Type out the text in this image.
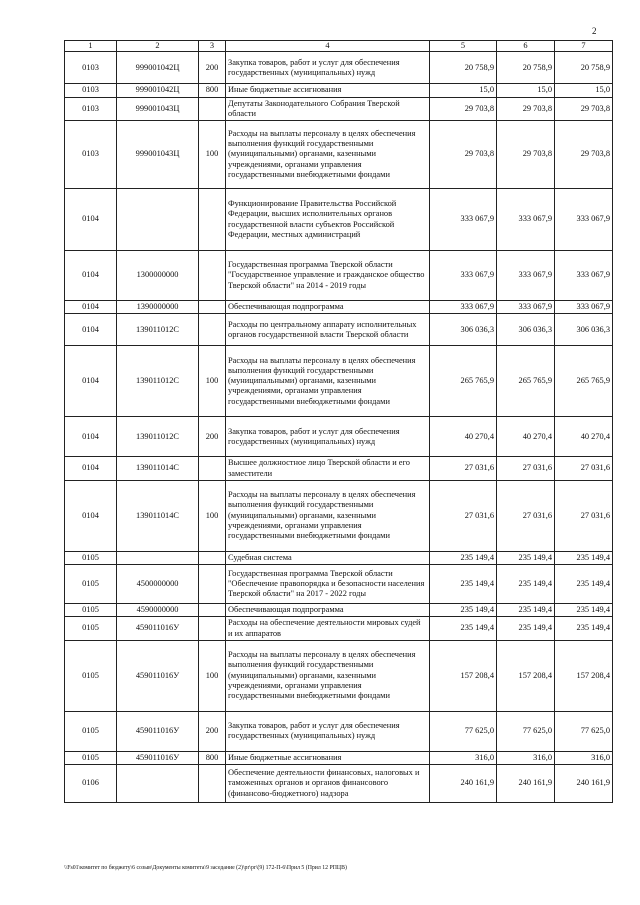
2
1	2	3	4	5	6	7
0103	999001042Ц	200	Закупка товаров, работ и услуг для обеспечения государственных (муниципальных) нужд	20 758,9	20 758,9	20 758,9
0103	999001042Ц	800	Иные бюджетные ассигнования	15,0	15,0	15,0
0103	999001043Ц		Депутаты Законодательного Собрания Тверской области	29 703,8	29 703,8	29 703,8
0103	999001043Ц	100	Расходы на выплаты персоналу в целях обеспечения выполнения функций государственными (муниципальными) органами, казенными учреждениями, органами управления государственными внебюджетными фондами	29 703,8	29 703,8	29 703,8
0104			Функционирование Правительства Российской Федерации, высших исполнительных органов государственной власти субъектов Российской Федерации, местных администраций	333 067,9	333 067,9	333 067,9
0104	1300000000		Государственная программа Тверской области "Государственное управление и гражданское общество Тверской области" на 2014 - 2019 годы	333 067,9	333 067,9	333 067,9
0104	1390000000		Обеспечивающая подпрограмма	333 067,9	333 067,9	333 067,9
0104	139011012С		Расходы по центральному аппарату исполнительных органов государственной власти Тверской области	306 036,3	306 036,3	306 036,3
0104	139011012С	100	Расходы на выплаты персоналу в целях обеспечения выполнения функций государственными (муниципальными) органами, казенными учреждениями, органами управления государственными внебюджетными фондами	265 765,9	265 765,9	265 765,9
0104	139011012С	200	Закупка товаров, работ и услуг для обеспечения государственных (муниципальных) нужд	40 270,4	40 270,4	40 270,4
0104	139011014С		Высшее должностное лицо Тверской области и его заместители	27 031,6	27 031,6	27 031,6
0104	139011014С	100	Расходы на выплаты персоналу в целях обеспечения выполнения функций государственными (муниципальными) органами, казенными учреждениями, органами управления государственными внебюджетными фондами	27 031,6	27 031,6	27 031,6
0105			Судебная система	235 149,4	235 149,4	235 149,4
0105	4500000000		Государственная программа Тверской области "Обеспечение правопорядка и безопасности населения Тверской области" на 2017 - 2022 годы	235 149,4	235 149,4	235 149,4
0105	4590000000		Обеспечивающая подпрограмма	235 149,4	235 149,4	235 149,4
0105	459011016У		Расходы на обеспечение деятельности мировых судей и их аппаратов	235 149,4	235 149,4	235 149,4
0105	459011016У	100	Расходы на выплаты персоналу в целях обеспечения выполнения функций государственными (муниципальными) органами, казенными учреждениями, органами управления государственными внебюджетными фондами	157 208,4	157 208,4	157 208,4
0105	459011016У	200	Закупка товаров, работ и услуг для обеспечения государственных (муниципальных) нужд	77 625,0	77 625,0	77 625,0
0105	459011016У	800	Иные бюджетные ассигнования	316,0	316,0	316,0
0106			Обеспечение деятельности финансовых, налоговых и таможенных органов и органов финансового (финансово-бюджетного) надзора	240 161,9	240 161,9	240 161,9
\\Fs01\комитет по бюджету\6 созыв\Документы комитета\9 заседание (2)\pr\pr\(9) 172-П-6\Прил 5 (Прил 12 РПЦВ)
